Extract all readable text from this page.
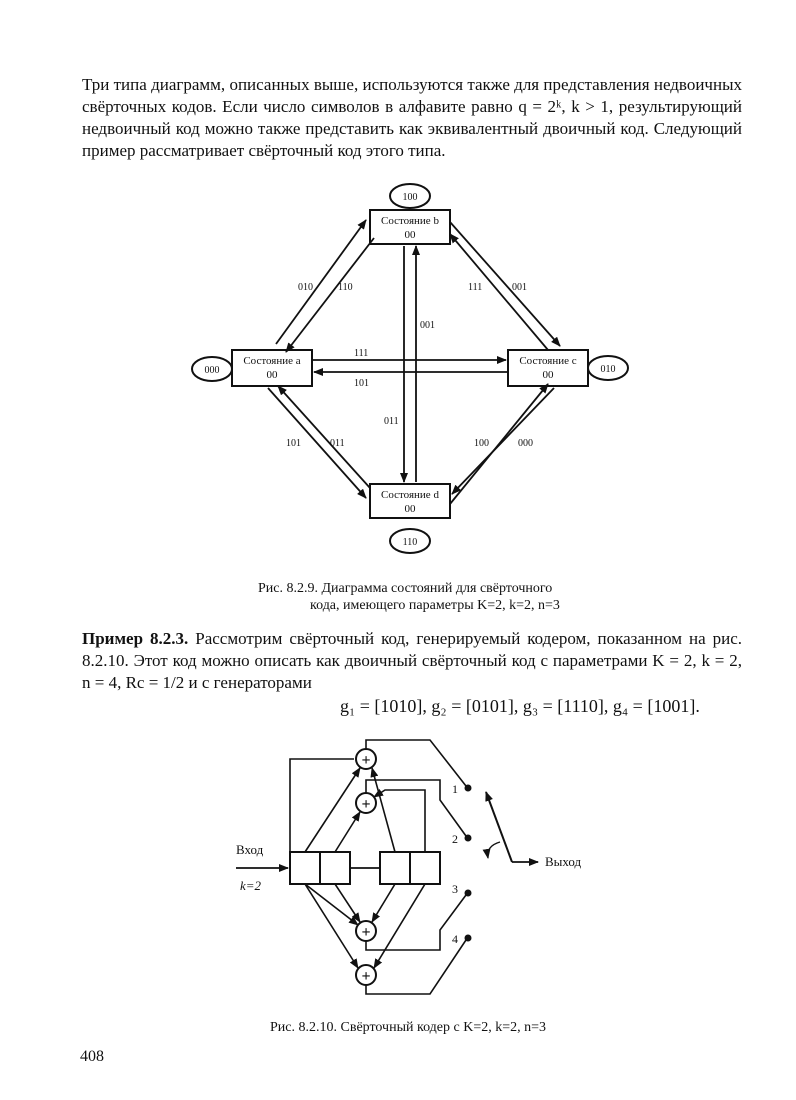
Три типа диаграмм, описанных выше, используются также для представления недвоичных свёрточных кодов. Если число символов в алфавите равно q = 2ᵏ, k > 1, результирующий недвоичный код можно также представить как эквивалентный двоичный код. Следующий пример рассматривает свёрточный код этого типа.
Состояние b
00
Состояние a
00
Состояние c
00
Состояние d
00
100
000	010
110
010	110	111	001
111
101
001
011
101	011	100	000
+
+
+
+
Вход
k=2
1
2
3
4
Выход
Рис. 8.2.9. Диаграмма состояний для свёрточного
кода, имеющего параметры K=2, k=2, n=3
Пример 8.2.3. Рассмотрим свёрточный код, генерируемый кодером, показанном на рис. 8.2.10. Этот код можно описать как двоичный свёрточный код с параметрами K = 2, k = 2, n = 4, Rc = 1/2 и с генераторами
g₁ = [1010], g₂ = [0101], g₃ = [1110], g₄ = [1001].
Рис. 8.2.10. Свёрточный кодер с K=2, k=2, n=3
408
